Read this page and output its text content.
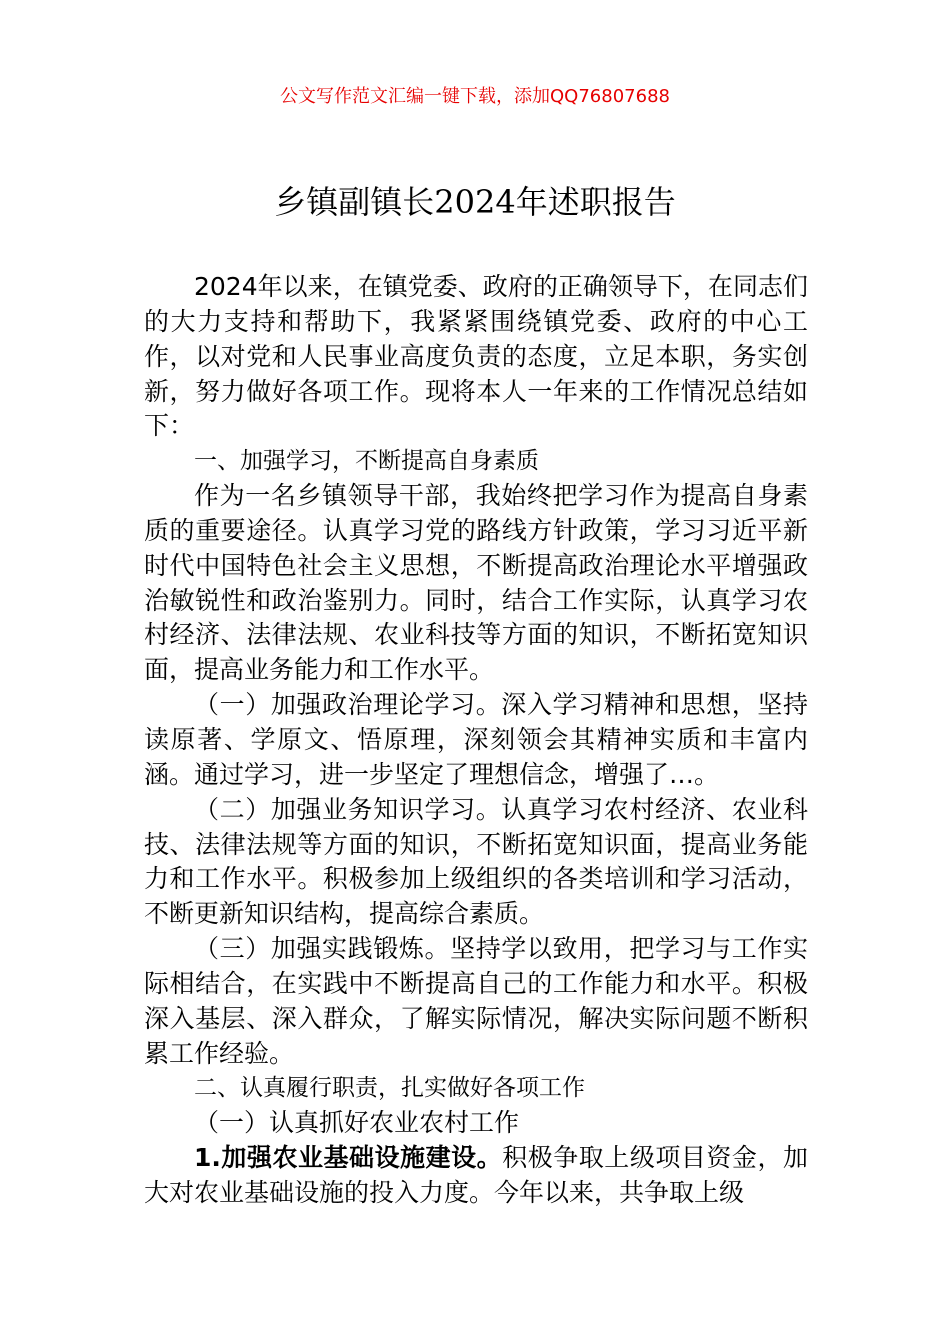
公文写作范文汇编一键下载，添加QQ76807688
乡镇副镇长2024年述职报告

2024年以来，在镇党委、政府的正确领导下，在同志们的大力支持和帮助下，我紧紧围绕镇党委、政府的中心工作，以对党和人民事业高度负责的态度，立足本职，务实创新，努力做好各项工作。现将本人一年来的工作情况总结如下：

一、加强学习，不断提高自身素质

作为一名乡镇领导干部，我始终把学习作为提高自身素质的重要途径。认真学习党的路线方针政策，学习习近平新时代中国特色社会主义思想，不断提高政治理论水平增强政治敏锐性和政治鉴别力。同时，结合工作实际，认真学习农村经济、法律法规、农业科技等方面的知识，不断拓宽知识面，提高业务能力和工作水平。

（一）加强政治理论学习。深入学习精神和思想，坚持读原著、学原文、悟原理，深刻领会其精神实质和丰富内涵。通过学习，进一步坚定了理想信念，增强了…。

（二）加强业务知识学习。认真学习农村经济、农业科技、法律法规等方面的知识，不断拓宽知识面，提高业务能力和工作水平。积极参加上级组织的各类培训和学习活动，不断更新知识结构，提高综合素质。

（三）加强实践锻炼。坚持学以致用，把学习与工作实际相结合，在实践中不断提高自己的工作能力和水平。积极深入基层、深入群众，了解实际情况，解决实际问题不断积累工作经验。

二、认真履行职责，扎实做好各项工作

（一）认真抓好农业农村工作

1.加强农业基础设施建设。积极争取上级项目资金，加大对农业基础设施的投入力度。今年以来，共争取上级
